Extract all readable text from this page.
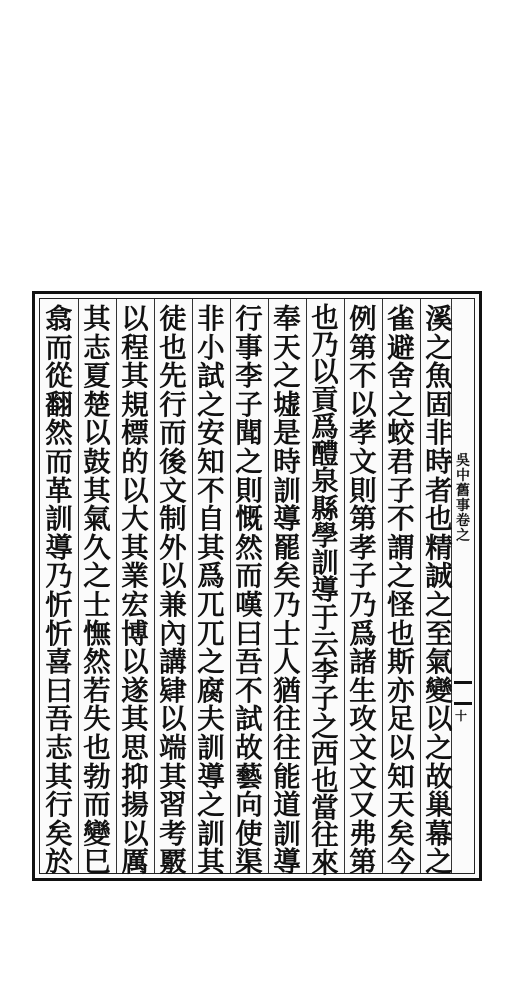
吳中舊事卷之
十
溪
之
魚
固
非
時
者
也
精
誠
之
至
氣
變
以
之
故
巢
幕
之
雀
避
舍
之
蛟
君
子
不
謂
之
怪
也
斯
亦
足
以
知
天
矣
今
例
第
不
以
孝
文
則
第
孝
子
乃
爲
諸
生
攻
文
文
又
弗
第
也
乃
以
貢
爲
醴
泉
縣
學
訓
導
于
云
李
子
之
西
也
當
往
來
奉
天
之
墟
是
時
訓
導
罷
矣
乃
士
人
猶
往
往
能
道
訓
導
行
事
李
子
聞
之
則
慨
然
而
嘆
曰
吾
不
試
故
藝
向
使
渠
非
小
試
之
安
知
不
自
其
爲
兀
兀
之
腐
夫
訓
導
之
訓
其
徒
也
先
行
而
後
文
制
外
以
兼
內
講
肄
以
端
其
習
考
覈
以
程
其
規
標
的
以
大
其
業
宏
博
以
遂
其
思
抑
揚
以
厲
其
志
夏
楚
以
鼓
其
氣
久
之
士
憮
然
若
失
也
勃
而
變
巳
翕
而
從
翻
然
而
革
訓
導
乃
忻
忻
喜
曰
吾
志
其
行
矣
於
